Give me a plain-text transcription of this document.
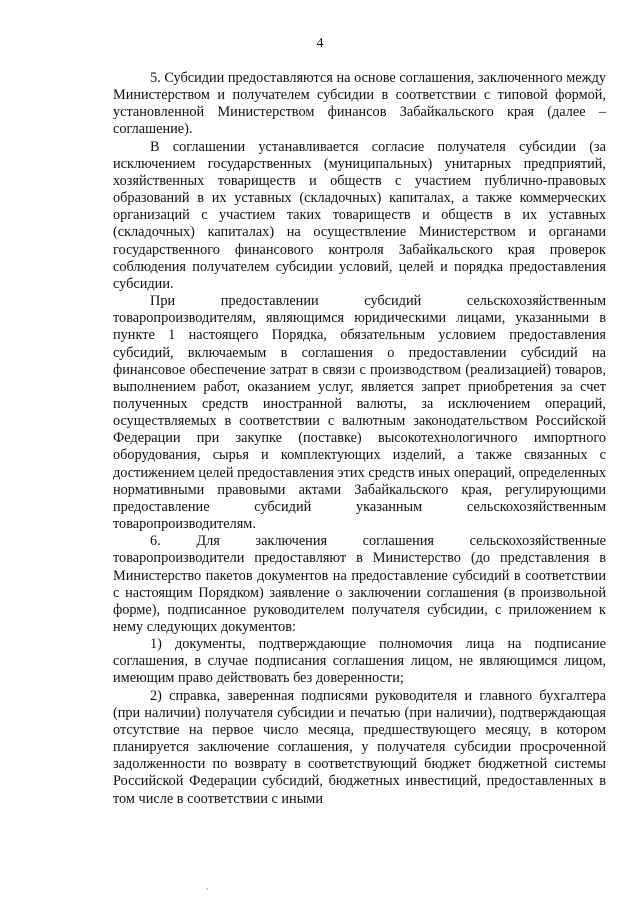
4

5. Субсидии предоставляются на основе соглашения, заключенного между Министерством и получателем субсидии в соответствии с типовой формой, установленной Министерством финансов Забайкальского края (далее – соглашение).

В соглашении устанавливается согласие получателя субсидии (за исключением государственных (муниципальных) унитарных предприятий, хозяйственных товариществ и обществ с участием публично-правовых образований в их уставных (складочных) капиталах, а также коммерческих организаций с участием таких товариществ и обществ в их уставных (складочных) капиталах) на осуществление Министерством и органами государственного финансового контроля Забайкальского края проверок соблюдения получателем субсидии условий, целей и порядка предоставления субсидии.

При предоставлении субсидий сельскохозяйственным товаропроизводителям, являющимся юридическими лицами, указанными в пункте 1 настоящего Порядка, обязательным условием предоставления субсидий, включаемым в соглашения о предоставлении субсидий на финансовое обеспечение затрат в связи с производством (реализацией) товаров, выполнением работ, оказанием услуг, является запрет приобретения за счет полученных средств иностранной валюты, за исключением операций, осуществляемых в соответствии с валютным законодательством Российской Федерации при закупке (поставке) высокотехнологичного импортного оборудования, сырья и комплектующих изделий, а также связанных с достижением целей предоставления этих средств иных операций, определенных нормативными правовыми актами Забайкальского края, регулирующими предоставление субсидий указанным сельскохозяйственным товаропроизводителям.

6. Для заключения соглашения сельскохозяйственные товаропроизводители предоставляют в Министерство (до представления в Министерство пакетов документов на предоставление субсидий в соответствии с настоящим Порядком) заявление о заключении соглашения (в произвольной форме), подписанное руководителем получателя субсидии, с приложением к нему следующих документов:

1) документы, подтверждающие полномочия лица на подписание соглашения, в случае подписания соглашения лицом, не являющимся лицом, имеющим право действовать без доверенности;

2) справка, заверенная подписями руководителя и главного бухгалтера (при наличии) получателя субсидии и печатью (при наличии), подтверждающая отсутствие на первое число месяца, предшествующего месяцу, в котором планируется заключение соглашения, у получателя субсидии просроченной задолженности по возврату в соответствующий бюджет бюджетной системы Российской Федерации субсидий, бюджетных инвестиций, предоставленных в том числе в соответствии с иными

,
